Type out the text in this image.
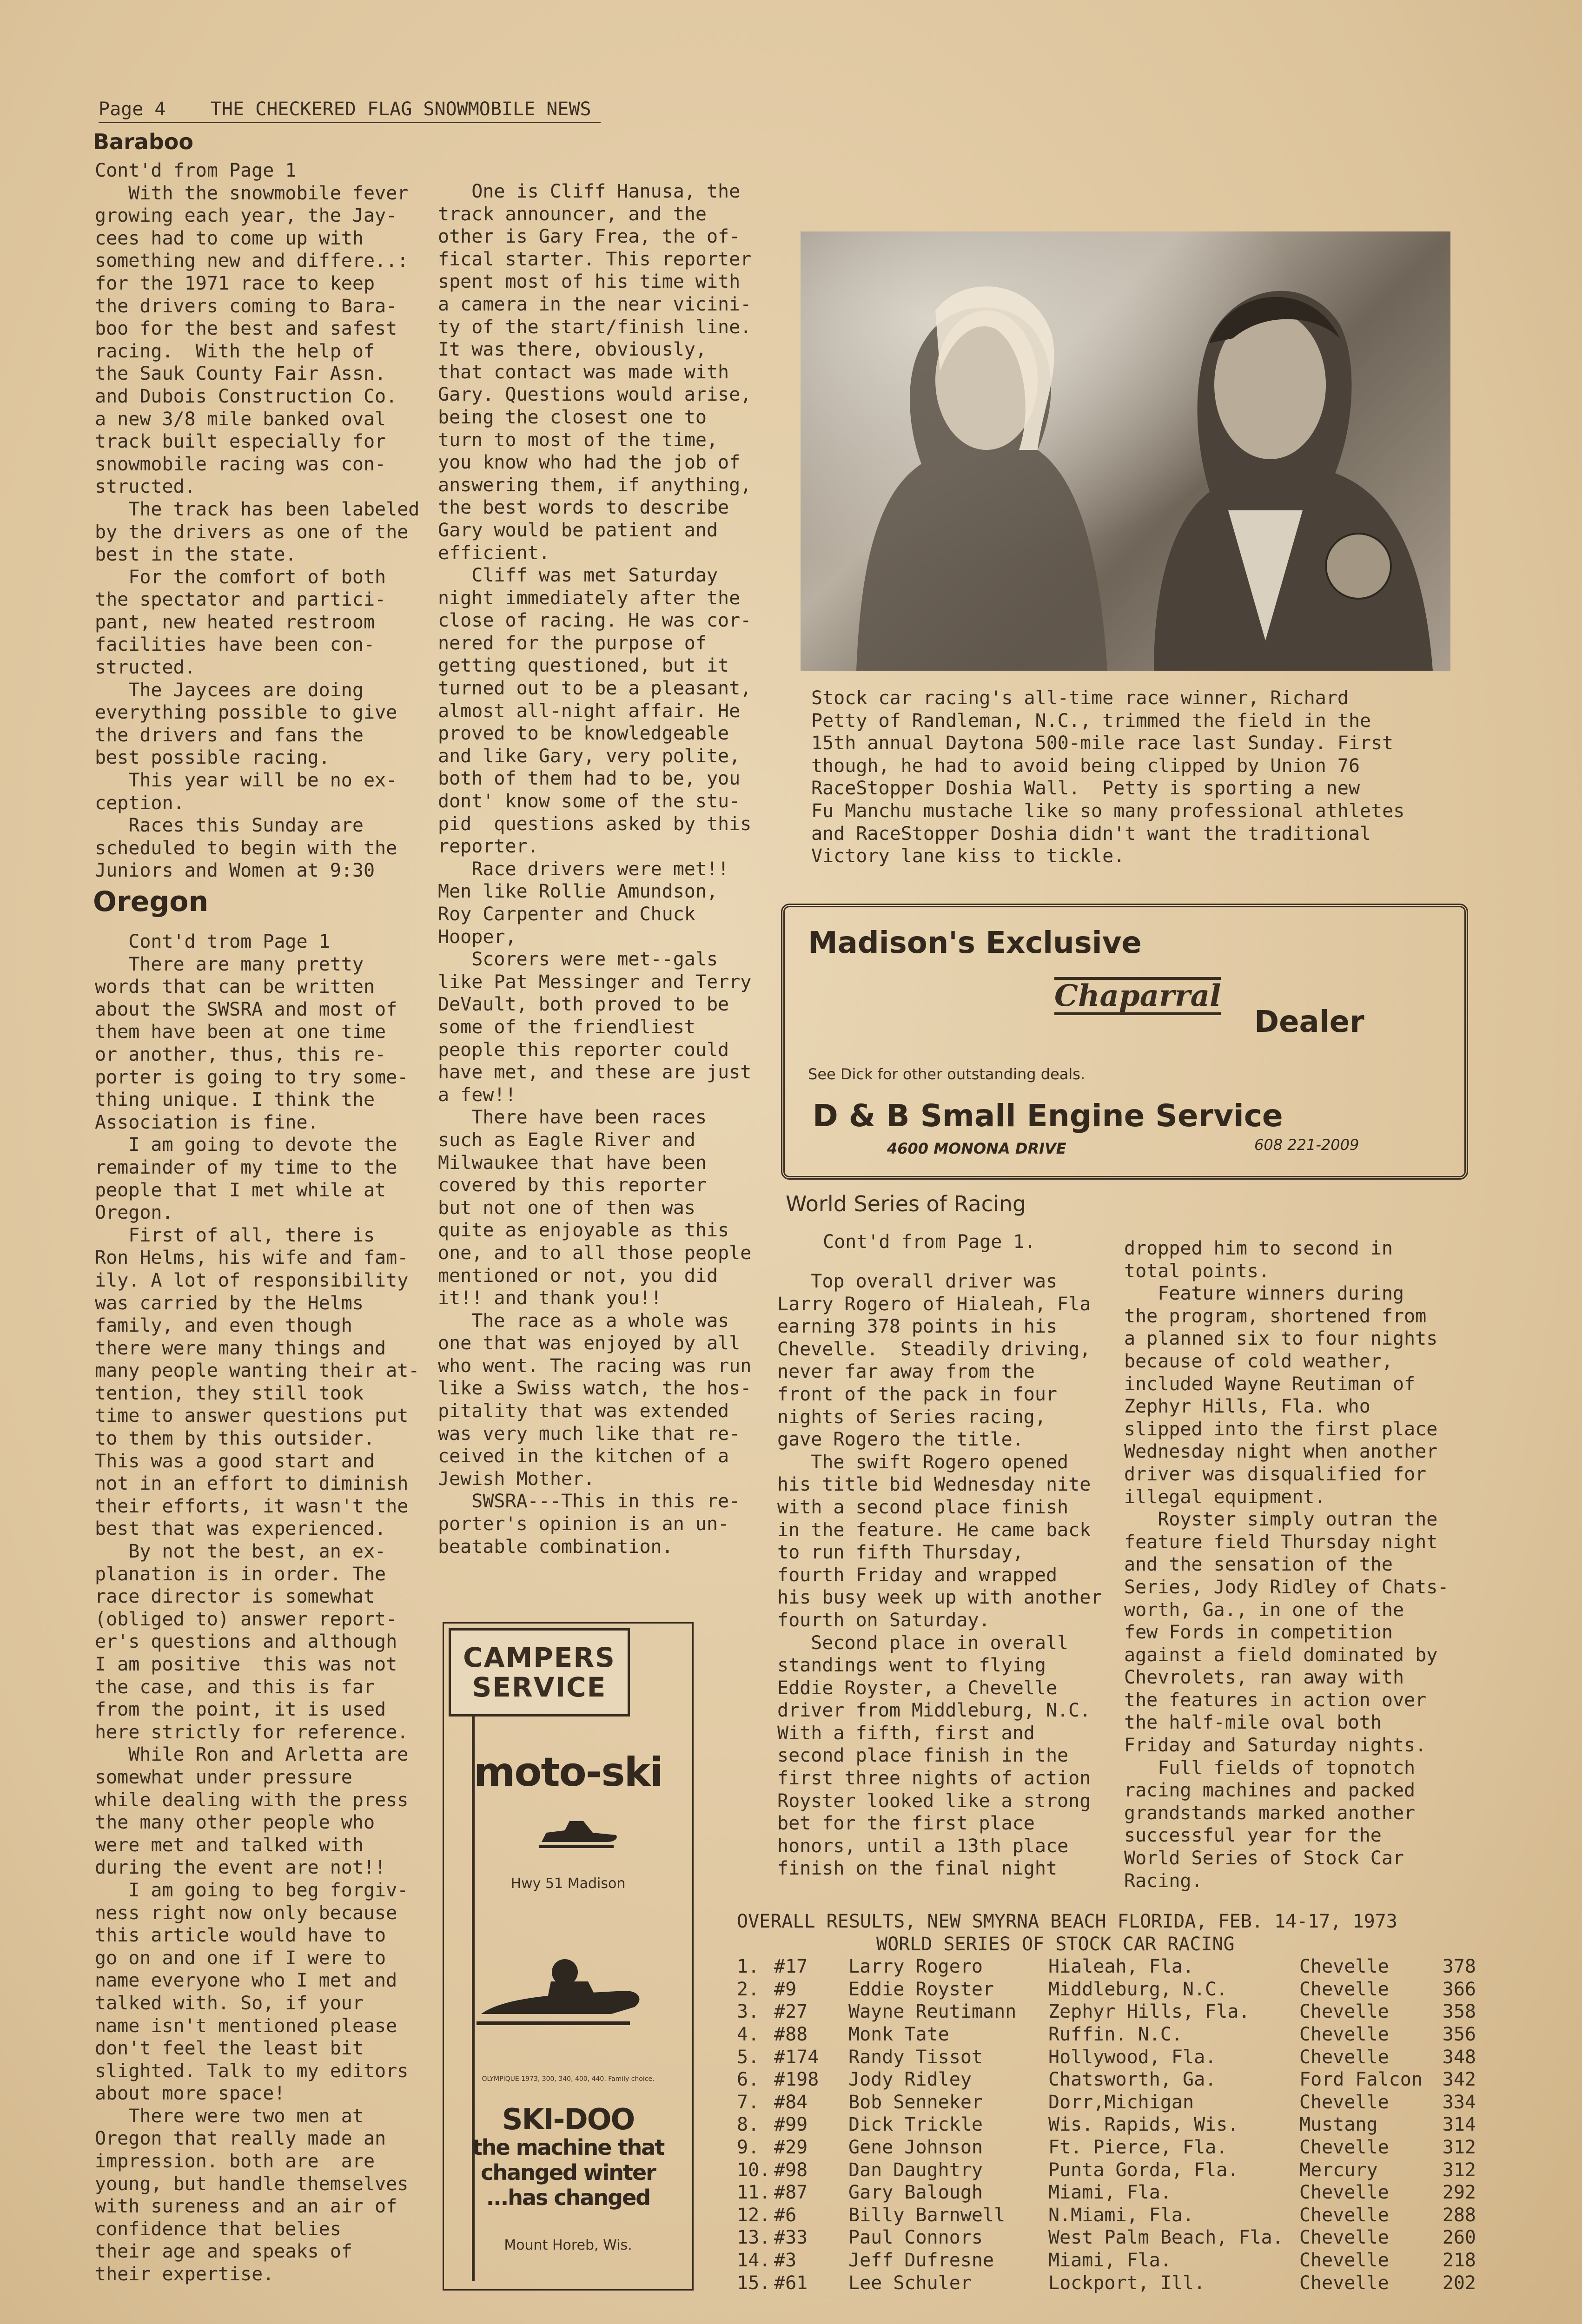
Page 4    THE CHECKERED FLAG SNOWMOBILE NEWS
Baraboo
Cont'd from Page 1
With the snowmobile fever
growing each year, the Jay-
cees had to come up with
something new and differe..:
for the 1971 race to keep
the drivers coming to Bara-
boo for the best and safest
racing.  With the help of
the Sauk County Fair Assn.
and Dubois Construction Co.
a new 3/8 mile banked oval
track built especially for
snowmobile racing was con-
structed.
The track has been labeled
by the drivers as one of the
best in the state.
For the comfort of both
the spectator and partici-
pant, new heated restroom
facilities have been con-
structed.
The Jaycees are doing
everything possible to give
the drivers and fans the
best possible racing.
This year will be no ex-
ception.
Races this Sunday are
scheduled to begin with the
Juniors and Women at 9:30
Oregon
Cont'd trom Page 1
There are many pretty
words that can be written
about the SWSRA and most of
them have been at one time
or another, thus, this re-
porter is going to try some-
thing unique. I think the
Association is fine.
I am going to devote the
remainder of my time to the
people that I met while at
Oregon.
First of all, there is
Ron Helms, his wife and fam-
ily. A lot of responsibility
was carried by the Helms
family, and even though
there were many things and
many people wanting their at-
tention, they still took
time to answer questions put
to them by this outsider.
This was a good start and
not in an effort to diminish
their efforts, it wasn't the
best that was experienced.
By not the best, an ex-
planation is in order. The
race director is somewhat
(obliged to) answer report-
er's questions and although
I am positive  this was not
the case, and this is far
from the point, it is used
here strictly for reference.
While Ron and Arletta are
somewhat under pressure
while dealing with the press
the many other people who
were met and talked with
during the event are not!!
I am going to beg forgiv-
ness right now only because
this article would have to
go on and one if I were to
name everyone who I met and
talked with. So, if your
name isn't mentioned please
don't feel the least bit
slighted. Talk to my editors
about more space!
There were two men at
Oregon that really made an
impression. both are  are
young, but handle themselves
with sureness and an air of
confidence that belies
their age and speaks of
their expertise.
One is Cliff Hanusa, the
track announcer, and the
other is Gary Frea, the of-
fical starter. This reporter
spent most of his time with
a camera in the near vicini-
ty of the start/finish line.
It was there, obviously,
that contact was made with
Gary. Questions would arise,
being the closest one to
turn to most of the time,
you know who had the job of
answering them, if anything,
the best words to describe
Gary would be patient and
efficient.
Cliff was met Saturday
night immediately after the
close of racing. He was cor-
nered for the purpose of
getting questioned, but it
turned out to be a pleasant,
almost all-night affair. He
proved to be knowledgeable
and like Gary, very polite,
both of them had to be, you
dont' know some of the stu-
pid  questions asked by this
reporter.
Race drivers were met!!
Men like Rollie Amundson,
Roy Carpenter and Chuck
Hooper,
Scorers were met--gals
like Pat Messinger and Terry
DeVault, both proved to be
some of the friendliest
people this reporter could
have met, and these are just
a few!!
There have been races
such as Eagle River and
Milwaukee that have been
covered by this reporter
but not one of then was
quite as enjoyable as this
one, and to all those people
mentioned or not, you did
it!! and thank you!!
The race as a whole was
one that was enjoyed by all
who went. The racing was run
like a Swiss watch, the hos-
pitality that was extended
was very much like that re-
ceived in the kitchen of a
Jewish Mother.
SWSRA---This in this re-
porter's opinion is an un-
beatable combination.
Stock car racing's all-time race winner, Richard
Petty of Randleman, N.C., trimmed the field in the
15th annual Daytona 500-mile race last Sunday. First
though, he had to avoid being clipped by Union 76
RaceStopper Doshia Wall.  Petty is sporting a new
Fu Manchu mustache like so many professional athletes
and RaceStopper Doshia didn't want the traditional
Victory lane kiss to tickle.
Madison's Exclusive
Chaparral
Dealer
See Dick for other outstanding deals.
D & B Small Engine Service
4600 MONONA DRIVE	608 221-2009
World Series of Racing
Cont'd from Page 1.
Top overall driver was
Larry Rogero of Hialeah, Fla
earning 378 points in his
Chevelle.  Steadily driving,
never far away from the
front of the pack in four
nights of Series racing,
gave Rogero the title.
The swift Rogero opened
his title bid Wednesday nite
with a second place finish
in the feature. He came back
to run fifth Thursday,
fourth Friday and wrapped
his busy week up with another
fourth on Saturday.
Second place in overall
standings went to flying
Eddie Royster, a Chevelle
driver from Middleburg, N.C.
With a fifth, first and
second place finish in the
first three nights of action
Royster looked like a strong
bet for the first place
honors, until a 13th place
finish on the final night
dropped him to second in
total points.
Feature winners during
the program, shortened from
a planned six to four nights
because of cold weather,
included Wayne Reutiman of
Zephyr Hills, Fla. who
slipped into the first place
Wednesday night when another
driver was disqualified for
illegal equipment.
Royster simply outran the
feature field Thursday night
and the sensation of the
Series, Jody Ridley of Chats-
worth, Ga., in one of the
few Fords in competition
against a field dominated by
Chevrolets, ran away with
the features in action over
the half-mile oval both
Friday and Saturday nights.
Full fields of topnotch
racing machines and packed
grandstands marked another
successful year for the
World Series of Stock Car
Racing.
CAMPERS
SERVICE
moto-ski
Hwy 51 Madison
OLYMPIQUE 1973, 300, 340, 400, 440. Family choice.
SKI-DOO
the machine that
changed winter
...has changed
Mount Horeb, Wis.
OVERALL RESULTS, NEW SMYRNA BEACH FLORIDA, FEB. 14-17, 1973
WORLD SERIES OF STOCK CAR RACING
1.	#17	Larry Rogero	Hialeah, Fla.	Chevelle	378
2.	#9	Eddie Royster	Middleburg, N.C.	Chevelle	366
3.	#27	Wayne Reutimann	Zephyr Hills, Fla.	Chevelle	358
4.	#88	Monk Tate	Ruffin. N.C.	Chevelle	356
5.	#174	Randy Tissot	Hollywood, Fla.	Chevelle	348
6.	#198	Jody Ridley	Chatsworth, Ga.	Ford Falcon	342
7.	#84	Bob Senneker	Dorr,Michigan	Chevelle	334
8.	#99	Dick Trickle	Wis. Rapids, Wis.	Mustang	314
9.	#29	Gene Johnson	Ft. Pierce, Fla.	Chevelle	312
10.	#98	Dan Daughtry	Punta Gorda, Fla.	Mercury	312
11.	#87	Gary Balough	Miami, Fla.	Chevelle	292
12.	#6	Billy Barnwell	N.Miami, Fla.	Chevelle	288
13.	#33	Paul Connors	West Palm Beach, Fla.	Chevelle	260
14.	#3	Jeff Dufresne	Miami, Fla.	Chevelle	218
15.	#61	Lee Schuler	Lockport, Ill.	Chevelle	202
